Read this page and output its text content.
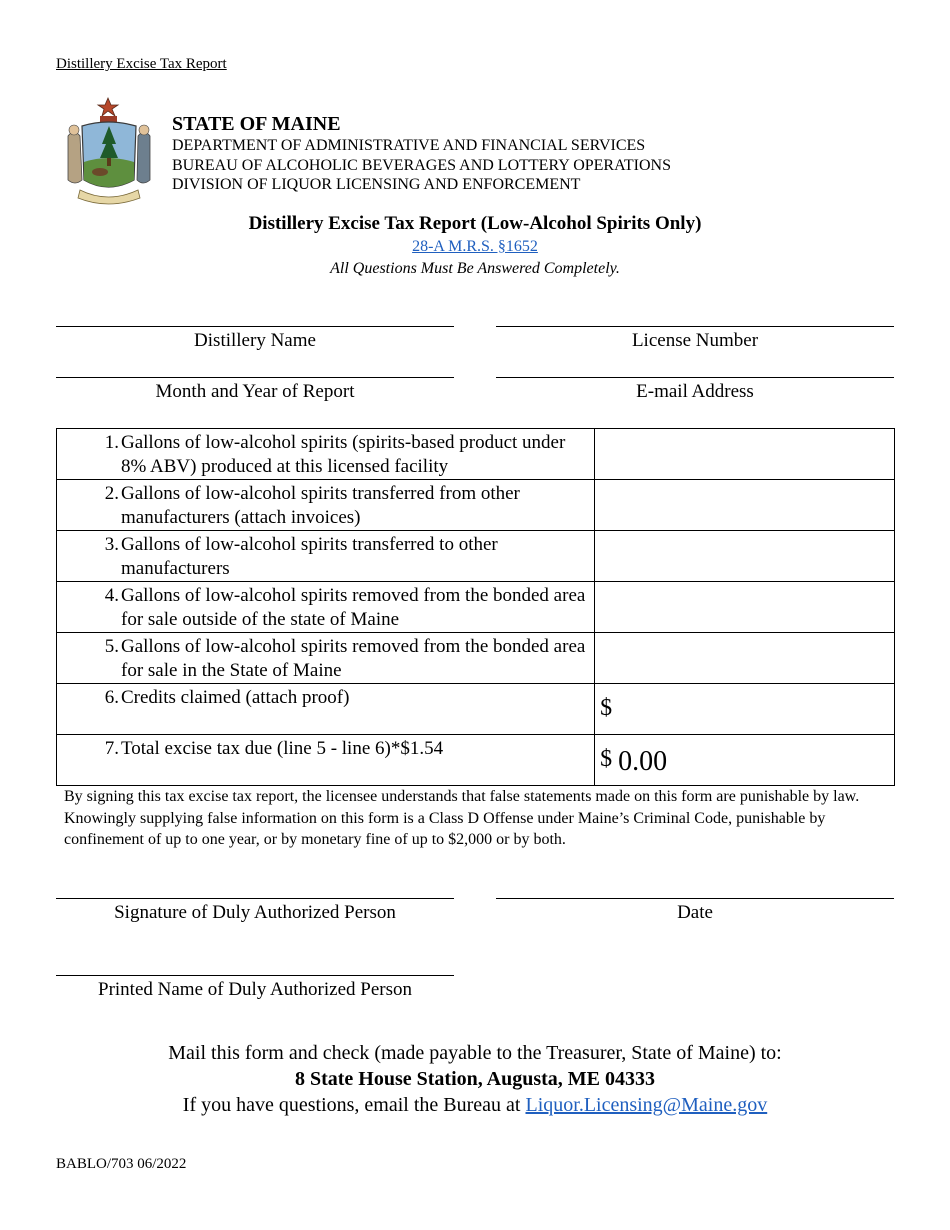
Distillery Excise Tax Report
STATE OF MAINE
DEPARTMENT OF ADMINISTRATIVE AND FINANCIAL SERVICES
BUREAU OF ALCOHOLIC BEVERAGES AND LOTTERY OPERATIONS
DIVISION OF LIQUOR LICENSING AND ENFORCEMENT
Distillery Excise Tax Report (Low-Alcohol Spirits Only)
28-A M.R.S. §1652
All Questions Must Be Answered Completely.
Distillery Name	License Number
Month and Year of Report	E-mail Address
1. Gallons of low-alcohol spirits (spirits-based product under 8% ABV) produced at this licensed facility	

2. Gallons of low-alcohol spirits transferred from other manufacturers (attach invoices)	

3. Gallons of low-alcohol spirits transferred to other manufacturers	

4. Gallons of low-alcohol spirits removed from the bonded area for sale outside of the state of Maine	

5. Gallons of low-alcohol spirits removed from the bonded area for sale in the State of Maine	

6. Credits claimed (attach proof)	$

7. Total excise tax due (line 5 - line 6)*$1.54	$ 0.00
By signing this tax excise tax report, the licensee understands that false statements made on this form are punishable by law. Knowingly supplying false information on this form is a Class D Offense under Maine’s Criminal Code, punishable by confinement of up to one year, or by monetary fine of up to $2,000 or by both.
Signature of Duly Authorized Person	Date
Printed Name of Duly Authorized Person
Mail this form and check (made payable to the Treasurer, State of Maine) to:
8 State House Station, Augusta, ME 04333
If you have questions, email the Bureau at Liquor.Licensing@Maine.gov
BABLO/703 06/2022
